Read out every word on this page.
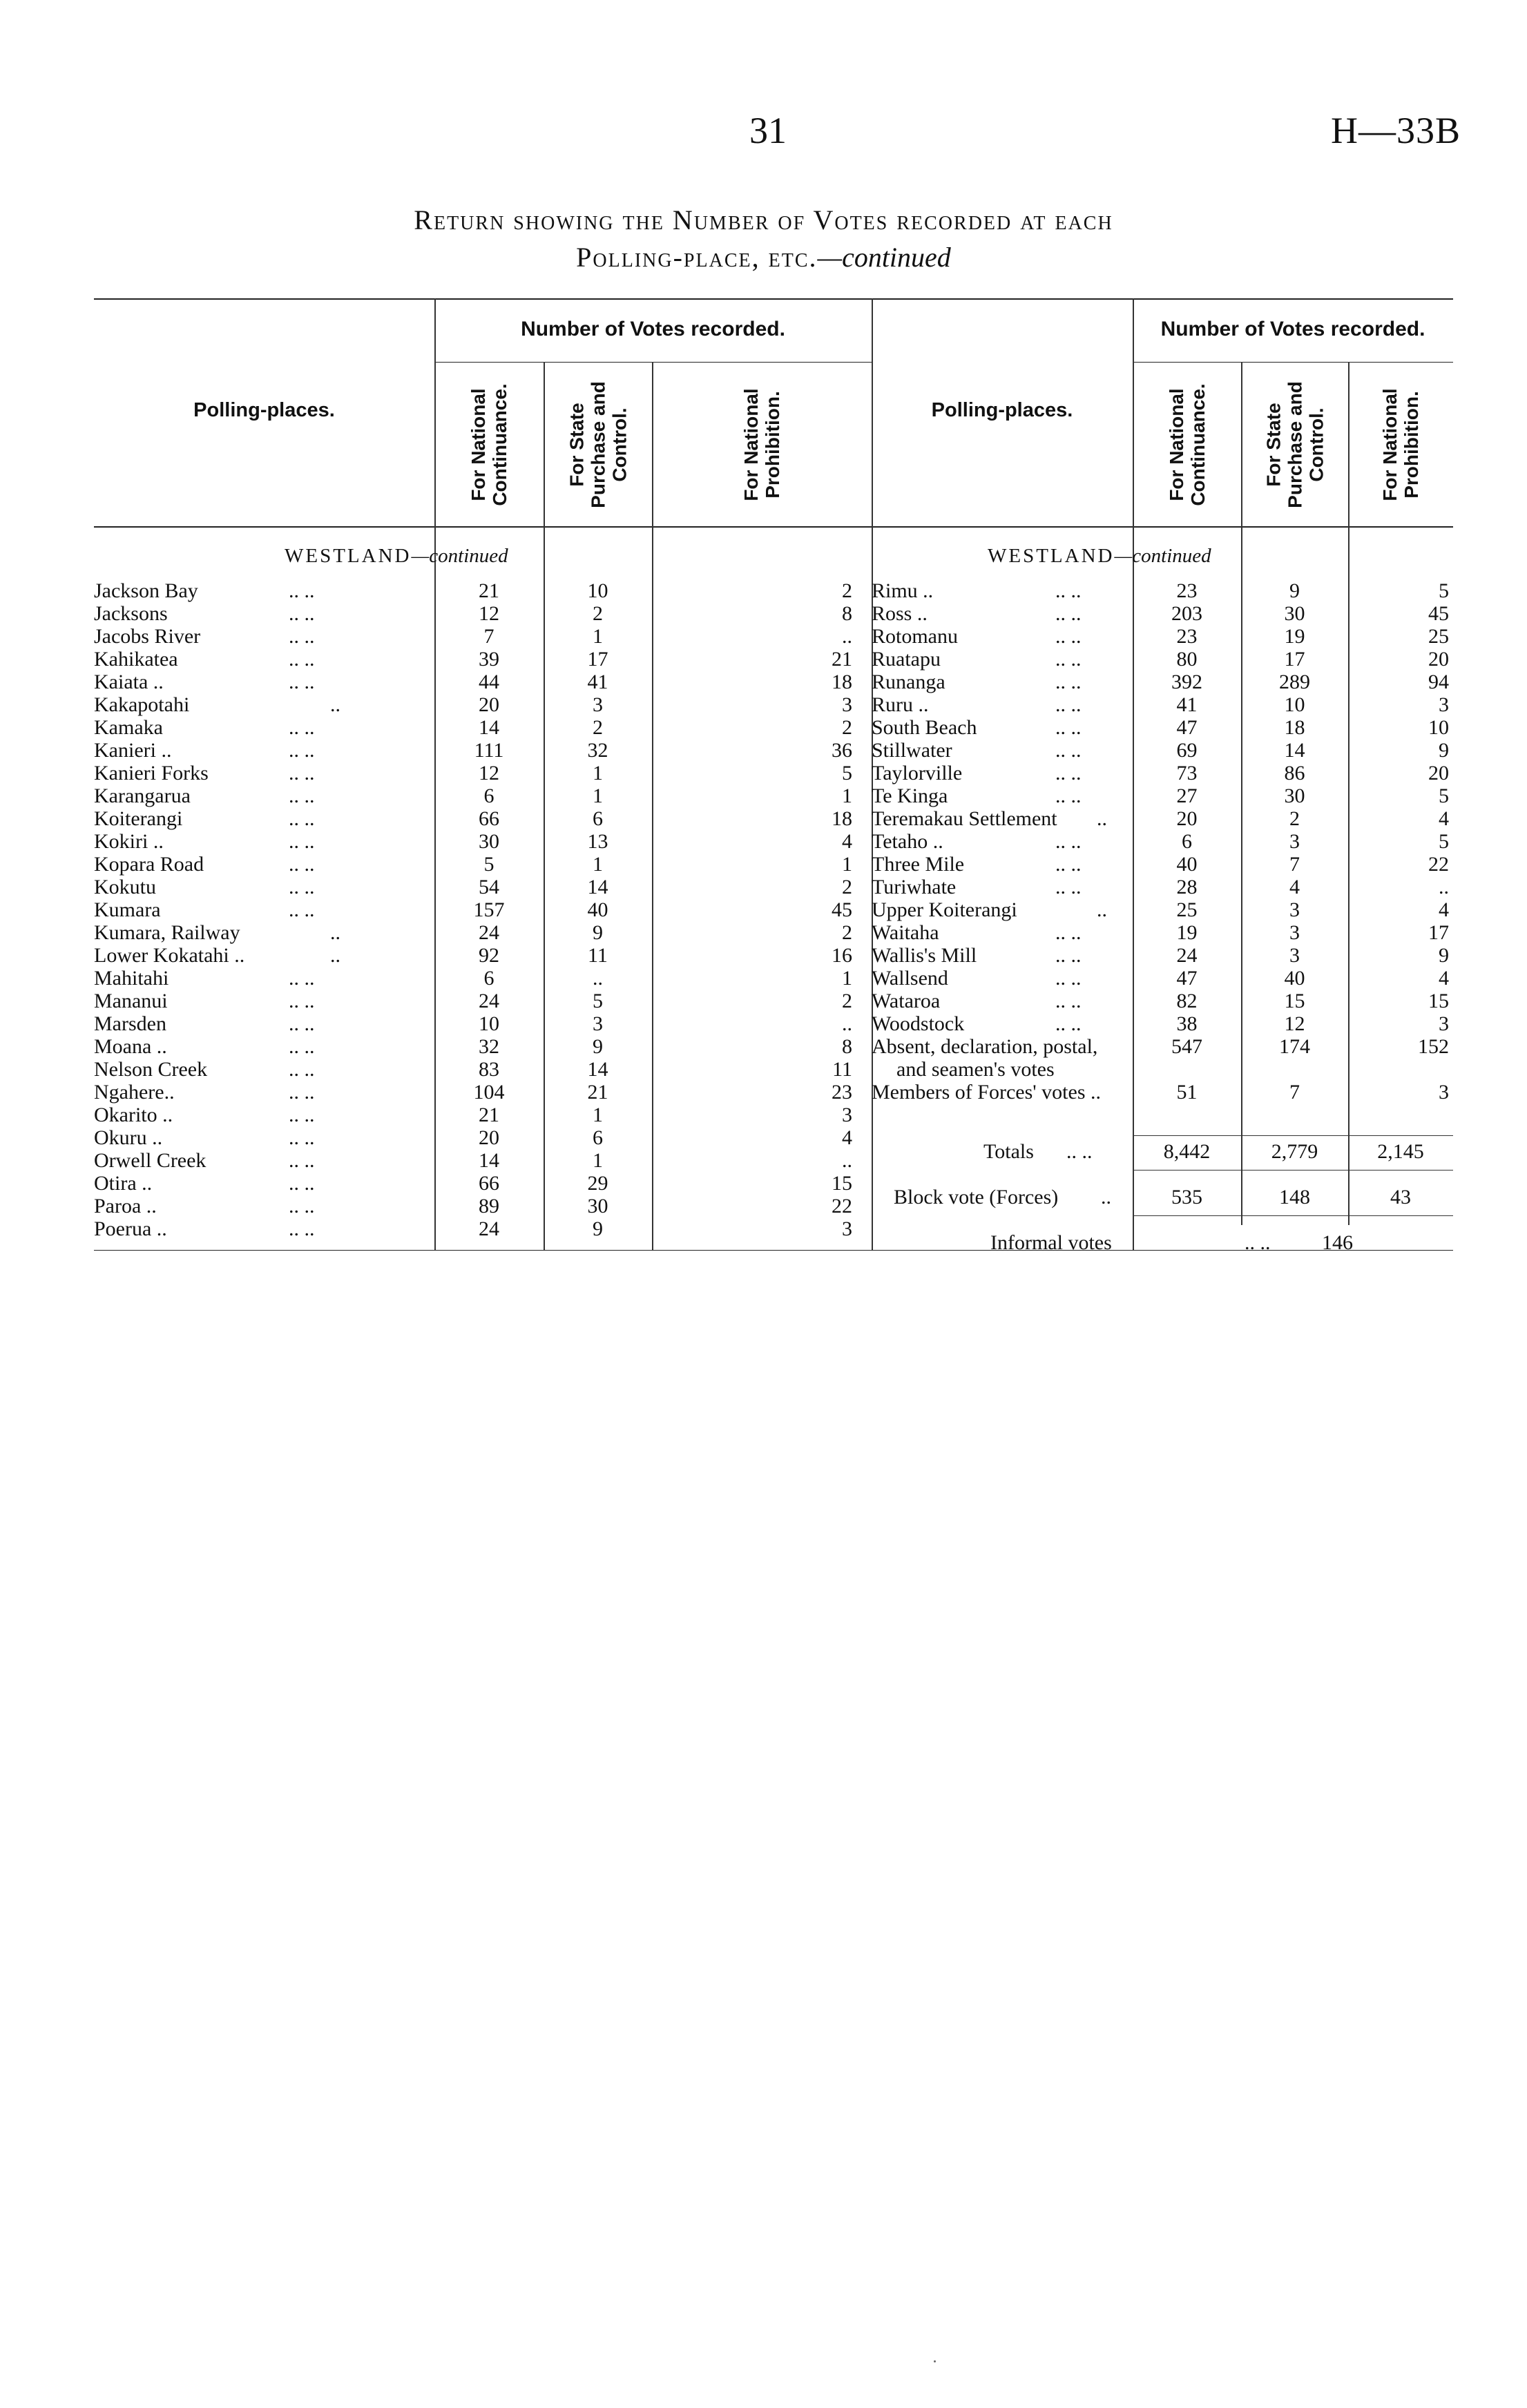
31	H—33B
Return showing the Number of Votes recorded at each
Polling-place, etc.—continued
Polling-places.	Polling-places.
Number of Votes recorded.	Number of Votes recorded.
For National Continuance.	For State Purchase and Control.	For National Prohibition.	For National Continuance.	For State Purchase and Control.	For National Prohibition.
WESTLAND—continued	WESTLAND—continued
Jackson Bay	.. ..	21	10	2
Jacksons	.. ..	12	2	8
Jacobs River	.. ..	7	1	..
Kahikatea	.. ..	39	17	21
Kaiata ..	.. ..	44	41	18
Kakapotahi	..	20	3	3
Kamaka	.. ..	14	2	2
Kanieri ..	.. ..	111	32	36
Kanieri Forks	.. ..	12	1	5
Karangarua	.. ..	6	1	1
Koiterangi	.. ..	66	6	18
Kokiri ..	.. ..	30	13	4
Kopara Road	.. ..	5	1	1
Kokutu	.. ..	54	14	2
Kumara	.. ..	157	40	45
Kumara, Railway	..	24	9	2
Lower Kokatahi ..	..	92	11	16
Mahitahi	.. ..	6	..	1
Mananui	.. ..	24	5	2
Marsden	.. ..	10	3	..
Moana ..	.. ..	32	9	8
Nelson Creek	.. ..	83	14	11
Ngahere..	.. ..	104	21	23
Okarito ..	.. ..	21	1	3
Okuru ..	.. ..	20	6	4
Orwell Creek	.. ..	14	1	..
Otira ..	.. ..	66	29	15
Paroa ..	.. ..	89	30	22
Poerua ..	.. ..	24	9	3
Rimu ..	.. ..	23	9	5
Ross ..	.. ..	203	30	45
Rotomanu	.. ..	23	19	25
Ruatapu	.. ..	80	17	20
Runanga	.. ..	392	289	94
Ruru ..	.. ..	41	10	3
South Beach	.. ..	47	18	10
Stillwater	.. ..	69	14	9
Taylorville	.. ..	73	86	20
Te Kinga	.. ..	27	30	5
Teremakau Settlement ..	20	2	4
Tetaho ..	.. ..	6	3	5
Three Mile	.. ..	40	7	22
Turiwhate	.. ..	28	4	..
Upper Koiterangi	..	25	3	4
Waitaha	.. ..	19	3	17
Wallis's Mill	.. ..	24	3	9
Wallsend	.. ..	47	40	4
Wataroa	.. ..	82	15	15
Woodstock	.. ..	38	12	3
Absent, declaration, postal,	547	174	152
and seamen's votes
Members of Forces' votes ..	51	7	3
Totals .. ..	8,442	2,779	2,145
Block vote (Forces) ..	535	148	43
Informal votes	.. .. 146
